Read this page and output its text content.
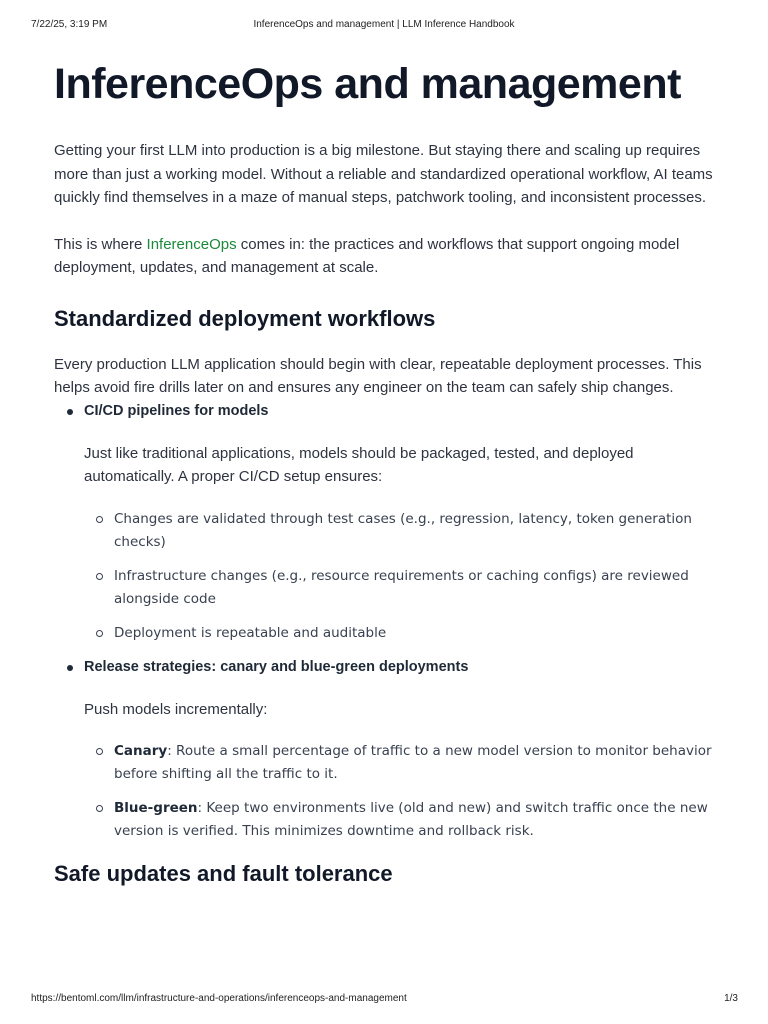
7/22/25, 3:19 PM	InferenceOps and management | LLM Inference Handbook
InferenceOps and management

Getting your first LLM into production is a big milestone. But staying there and scaling up requires more than just a working model. Without a reliable and standardized operational workflow, AI teams quickly find themselves in a maze of manual steps, patchwork tooling, and inconsistent processes.

This is where InferenceOps comes in: the practices and workflows that support ongoing model deployment, updates, and management at scale.

Standardized deployment workflows

Every production LLM application should begin with clear, repeatable deployment processes. This helps avoid fire drills later on and ensures any engineer on the team can safely ship changes.

CI/CD pipelines for models

Just like traditional applications, models should be packaged, tested, and deployed automatically. A proper CI/CD setup ensures:

Changes are validated through test cases (e.g., regression, latency, token generation checks)
Infrastructure changes (e.g., resource requirements or caching configs) are reviewed alongside code
Deployment is repeatable and auditable

Release strategies: canary and blue-green deployments

Push models incrementally:

Canary: Route a small percentage of traffic to a new model version to monitor behavior before shifting all the traffic to it.
Blue-green: Keep two environments live (old and new) and switch traffic once the new version is verified. This minimizes downtime and rollback risk.
Safe updates and fault tolerance
https://bentoml.com/llm/infrastructure-and-operations/inferenceops-and-management	1/3
